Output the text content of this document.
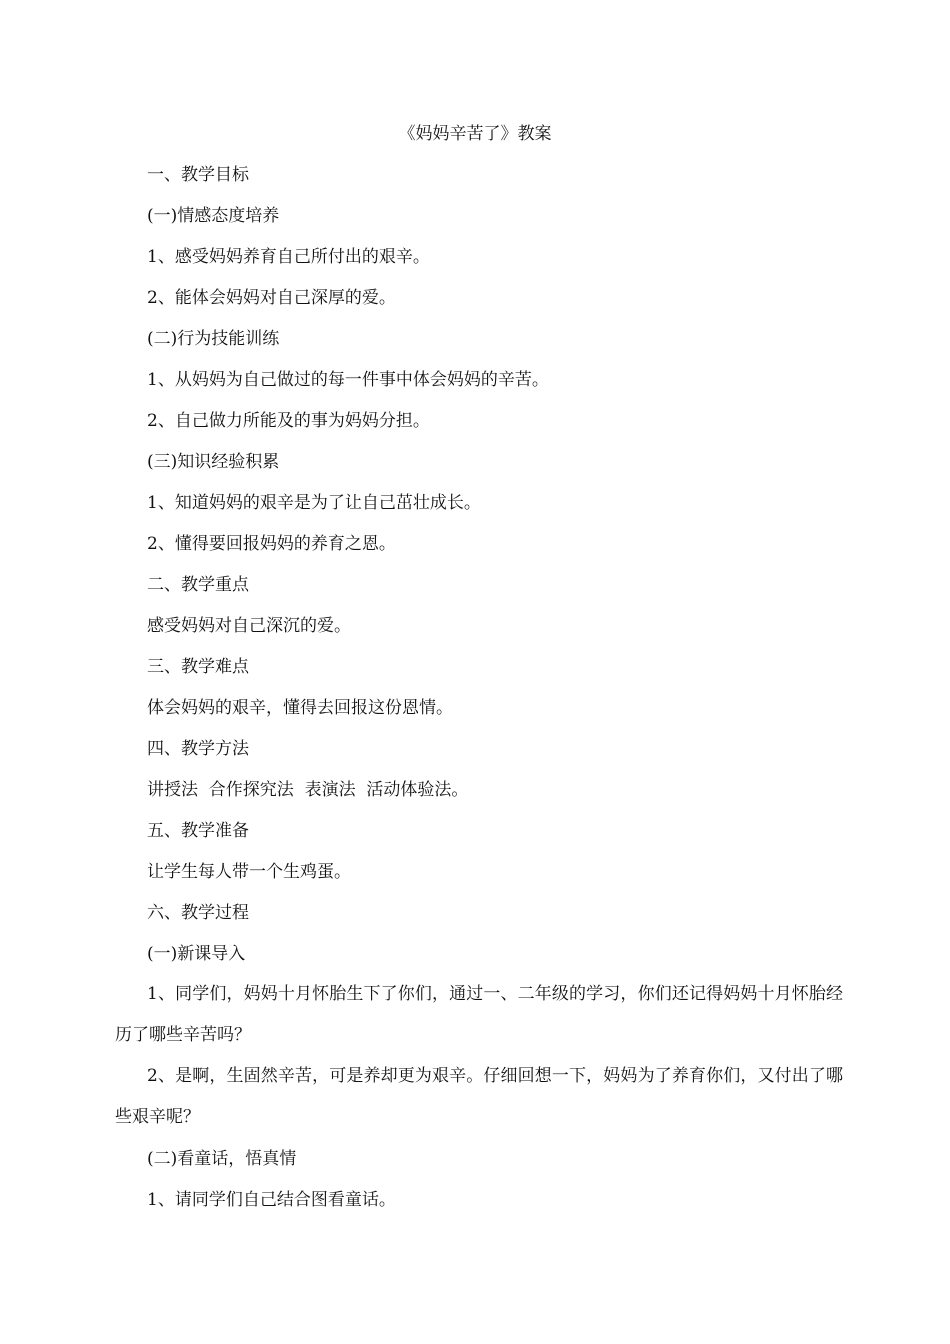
《妈妈辛苦了》教案
一、教学目标
(一)情感态度培养
1、感受妈妈养育自己所付出的艰辛。
2、能体会妈妈对自己深厚的爱。
(二)行为技能训练
1、从妈妈为自己做过的每一件事中体会妈妈的辛苦。
2、自己做力所能及的事为妈妈分担。
(三)知识经验积累
1、知道妈妈的艰辛是为了让自己茁壮成长。
2、懂得要回报妈妈的养育之恩。
二、教学重点
感受妈妈对自己深沉的爱。
三、教学难点
体会妈妈的艰辛，懂得去回报这份恩情。
四、教学方法
讲授法  合作探究法  表演法  活动体验法。
五、教学准备
让学生每人带一个生鸡蛋。
六、教学过程
(一)新课导入
1、同学们，妈妈十月怀胎生下了你们，通过一、二年级的学习，你们还记得妈妈十月怀胎经历了哪些辛苦吗？
2、是啊，生固然辛苦，可是养却更为艰辛。仔细回想一下，妈妈为了养育你们，又付出了哪些艰辛呢？
(二)看童话，悟真情
1、请同学们自己结合图看童话。
